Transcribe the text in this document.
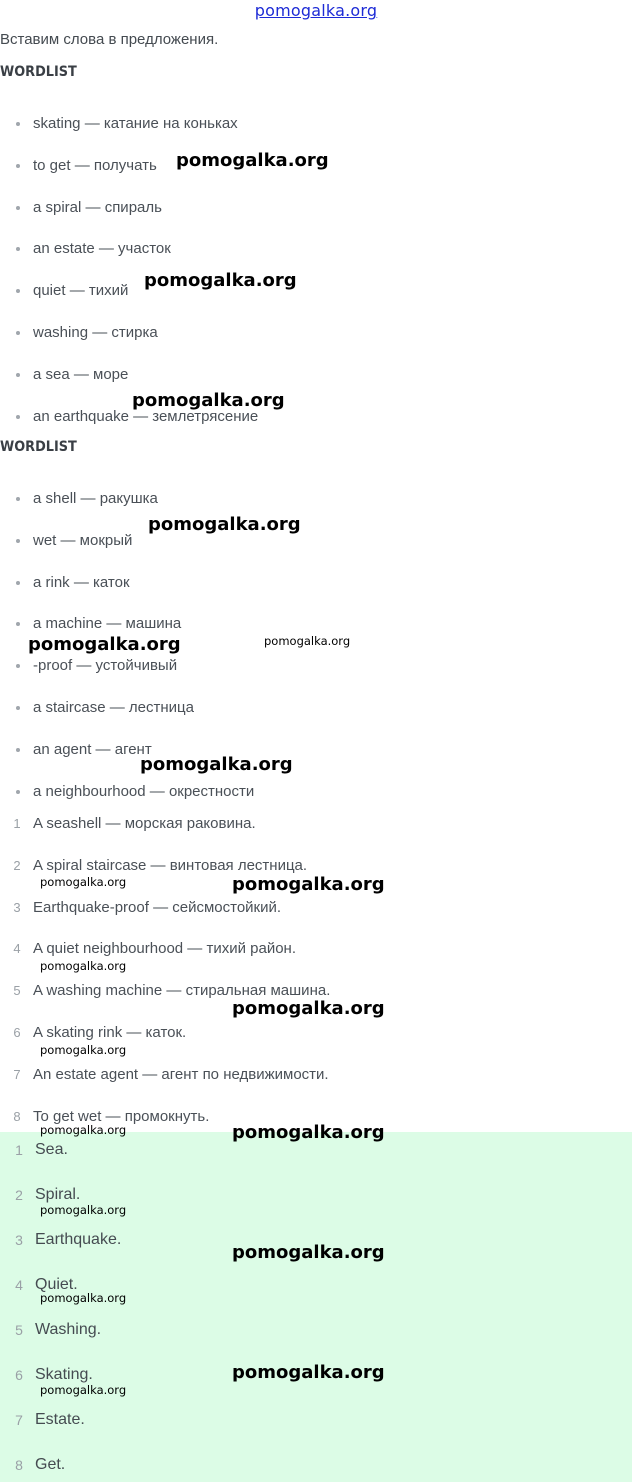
pomogalka.org
Вставим слова в предложения.
WORDLIST
skating — катание на коньках
to get — получать
a spiral — спираль
an estate — участок
quiet — тихий
washing — стирка
a sea — море
an earthquake — землетрясение
WORDLIST
a shell — ракушка
wet — мокрый
a rink — каток
a machine — машина
-proof — устойчивый
a staircase — лестница
an agent — агент
a neighbourhood — окрестности
1 A seashell — морская раковина.
2 A spiral staircase — винтовая лестница.
3 Earthquake-proof — сейсмостойкий.
4 A quiet neighbourhood — тихий район.
5 A washing machine — стиральная машина.
6 A skating rink — каток.
7 An estate agent — агент по недвижимости.
8 To get wet — промокнуть.
1 Sea.
2 Spiral.
3 Earthquake.
4 Quiet.
5 Washing.
6 Skating.
7 Estate.
8 Get.
pomogalka.org
pomogalka.org
pomogalka.org
pomogalka.org
pomogalka.org	pomogalka.org
pomogalka.org
pomogalka.org
pomogalka.org
pomogalka.org
pomogalka.org
pomogalka.org
pomogalka.org
pomogalka.org
pomogalka.org
pomogalka.org
pomogalka.org
pomogalka.org
pomogalka.org
